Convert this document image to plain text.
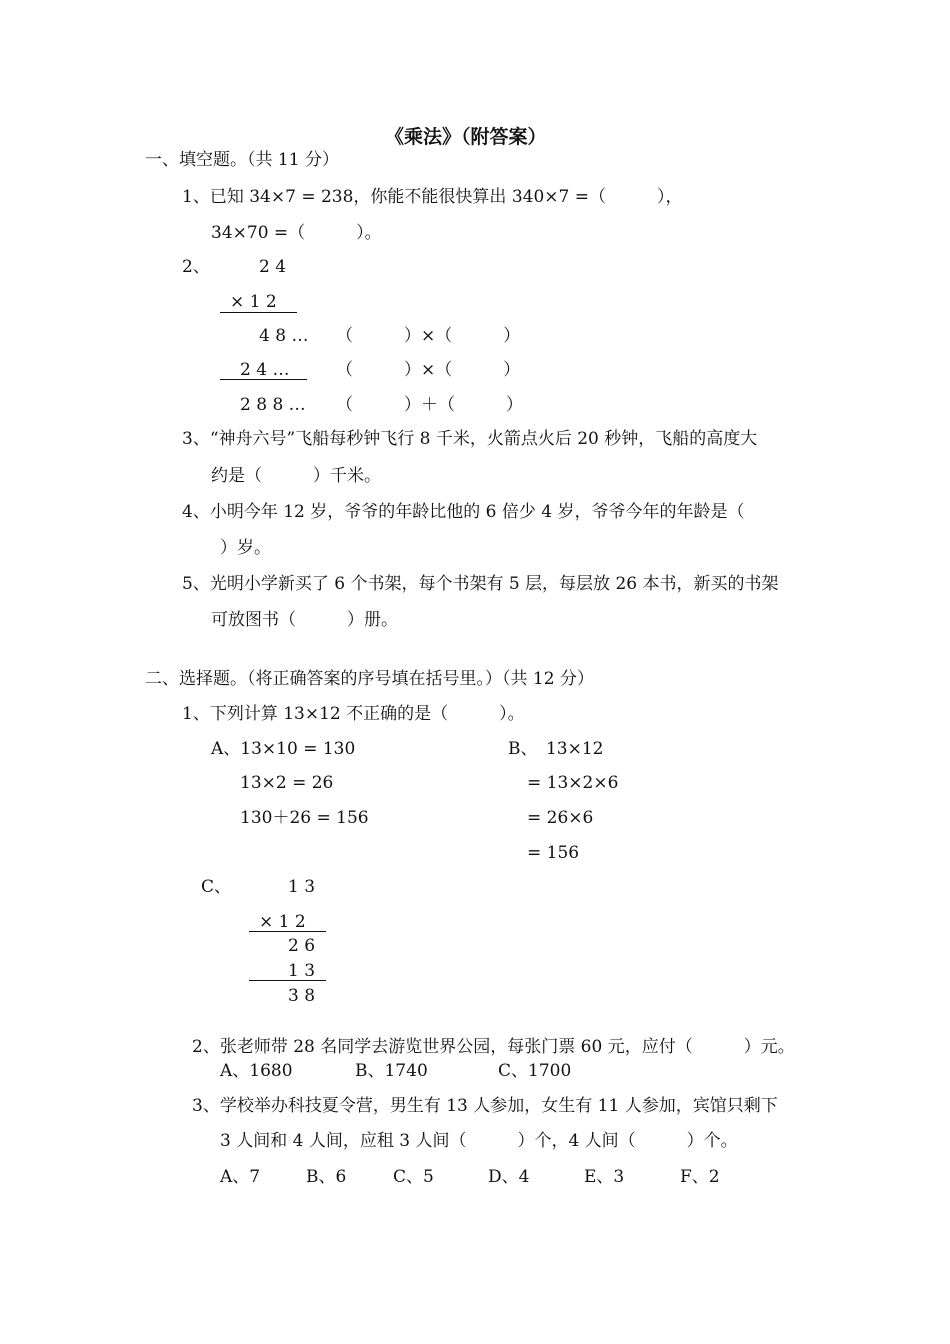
《乘法》（附答案）
一、填空题。（共 11 分）
1、已知 34×7 = 238，你能不能很快算出 340×7 =（　　　），
34×70 =（　　　）。
2、	2 4
× 1 2
4 8 … （　　　）×（　　　）
2 4 …	（　　　）×（　　　）
2 8 8 … （　　　）＋（　　　）
3、“神舟六号”飞船每秒钟飞行 8 千米，火箭点火后 20 秒钟，飞船的高度大
约是（　　　）千米。
4、小明今年 12 岁，爷爷的年龄比他的 6 倍少 4 岁，爷爷今年的年龄是（
）岁。
5、光明小学新买了 6 个书架，每个书架有 5 层，每层放 26 本书，新买的书架
可放图书（　　　）册。
二、选择题。（将正确答案的序号填在括号里。）（共 12 分）
1、下列计算 13×12 不正确的是（　　　）。
A、13×10 = 130
13×2 = 26
130＋26 = 156
B、　13×12
= 13×2×6
= 26×6
= 156
C、	1 3
× 1 2
2 6
1 3
3 8
2、张老师带 28 名同学去游览世界公园，每张门票 60 元，应付（　　　）元。
A、1680	B、1740	C、1700
3、学校举办科技夏令营，男生有 13 人参加，女生有 11 人参加，宾馆只剩下
3 人间和 4 人间，应租 3 人间（　　　）个，4 人间（　　　）个。
A、7	B、6	C、5	D、4	E、3	F、2
